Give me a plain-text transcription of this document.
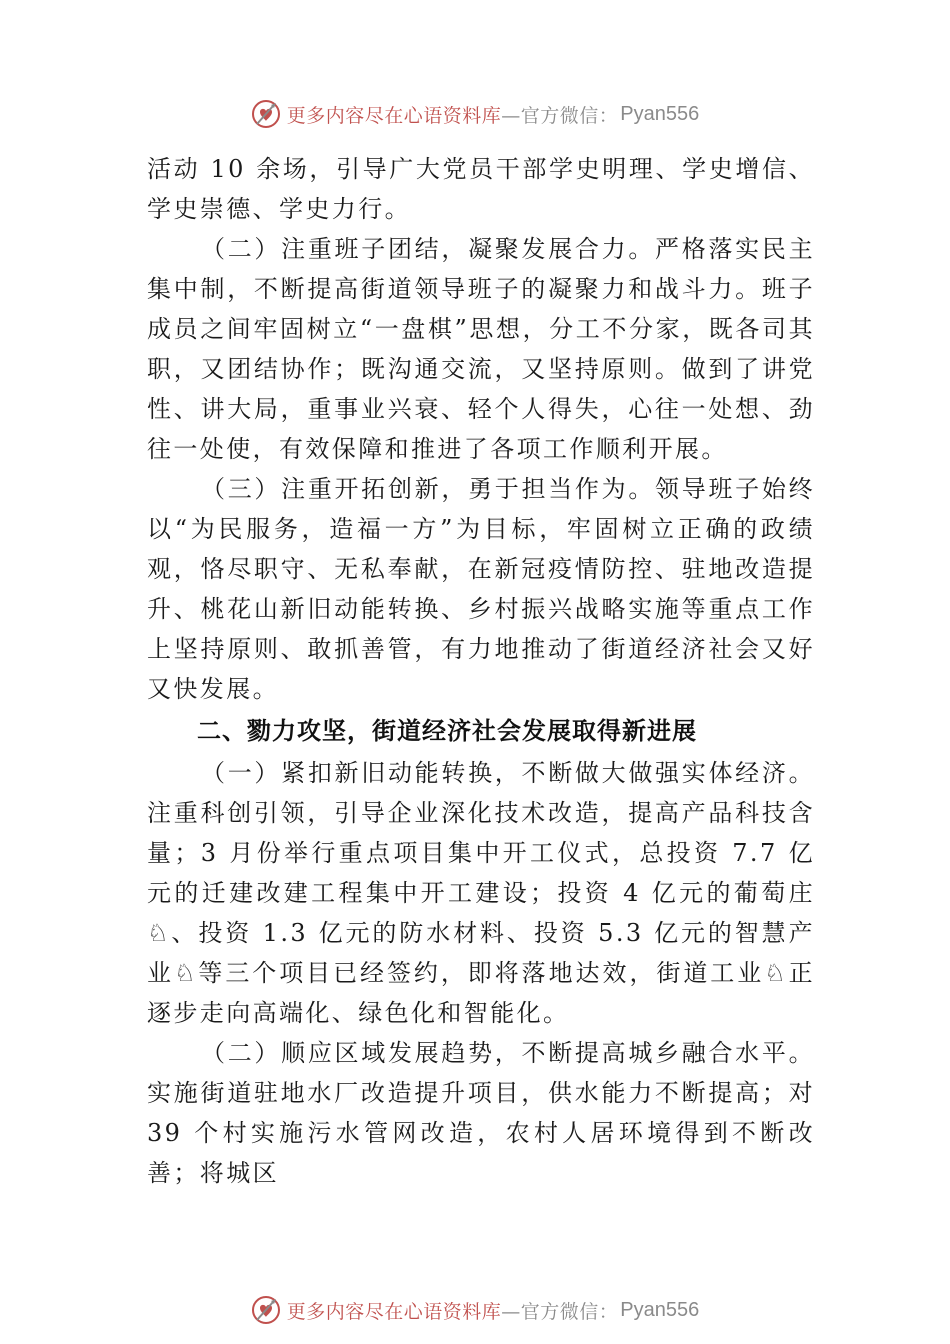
更多内容尽在心语资料库 —官方微信： Pyan556

活动 10 余场，引导广大党员干部学史明理、学史增信、学史崇德、学史力行。

（二）注重班子团结，凝聚发展合力。严格落实民主集中制，不断提高街道领导班子的凝聚力和战斗力。班子成员之间牢固树立“一盘棋”思想，分工不分家，既各司其职，又团结协作；既沟通交流，又坚持原则。做到了讲党性、讲大局，重事业兴衰、轻个人得失，心往一处想、劲往一处使，有效保障和推进了各项工作顺利开展。

（三）注重开拓创新，勇于担当作为。领导班子始终以“为民服务，造福一方”为目标，牢固树立正确的政绩观，恪尽职守、无私奉献，在新冠疫情防控、驻地改造提升、桃花山新旧动能转换、乡村振兴战略实施等重点工作上坚持原则、敢抓善管，有力地推动了街道经济社会又好又快发展。

二、勠力攻坚，街道经济社会发展取得新进展

（一）紧扣新旧动能转换，不断做大做强实体经济。注重科创引领，引导企业深化技术改造，提高产品科技含量；3 月份举行重点项目集中开工仪式，总投资 7.7 亿元的迁建改建工程集中开工建设；投资 4 亿元的葡萄庄♘、投资 1.3 亿元的防水材料、投资 5.3 亿元的智慧产业♘等三个项目已经签约，即将落地达效，街道工业♘正逐步走向高端化、绿色化和智能化。

（二）顺应区域发展趋势，不断提高城乡融合水平。实施街道驻地水厂改造提升项目，供水能力不断提高；对 39 个村实施污水管网改造，农村人居环境得到不断改善；将城区

更多内容尽在心语资料库 —官方微信： Pyan556
